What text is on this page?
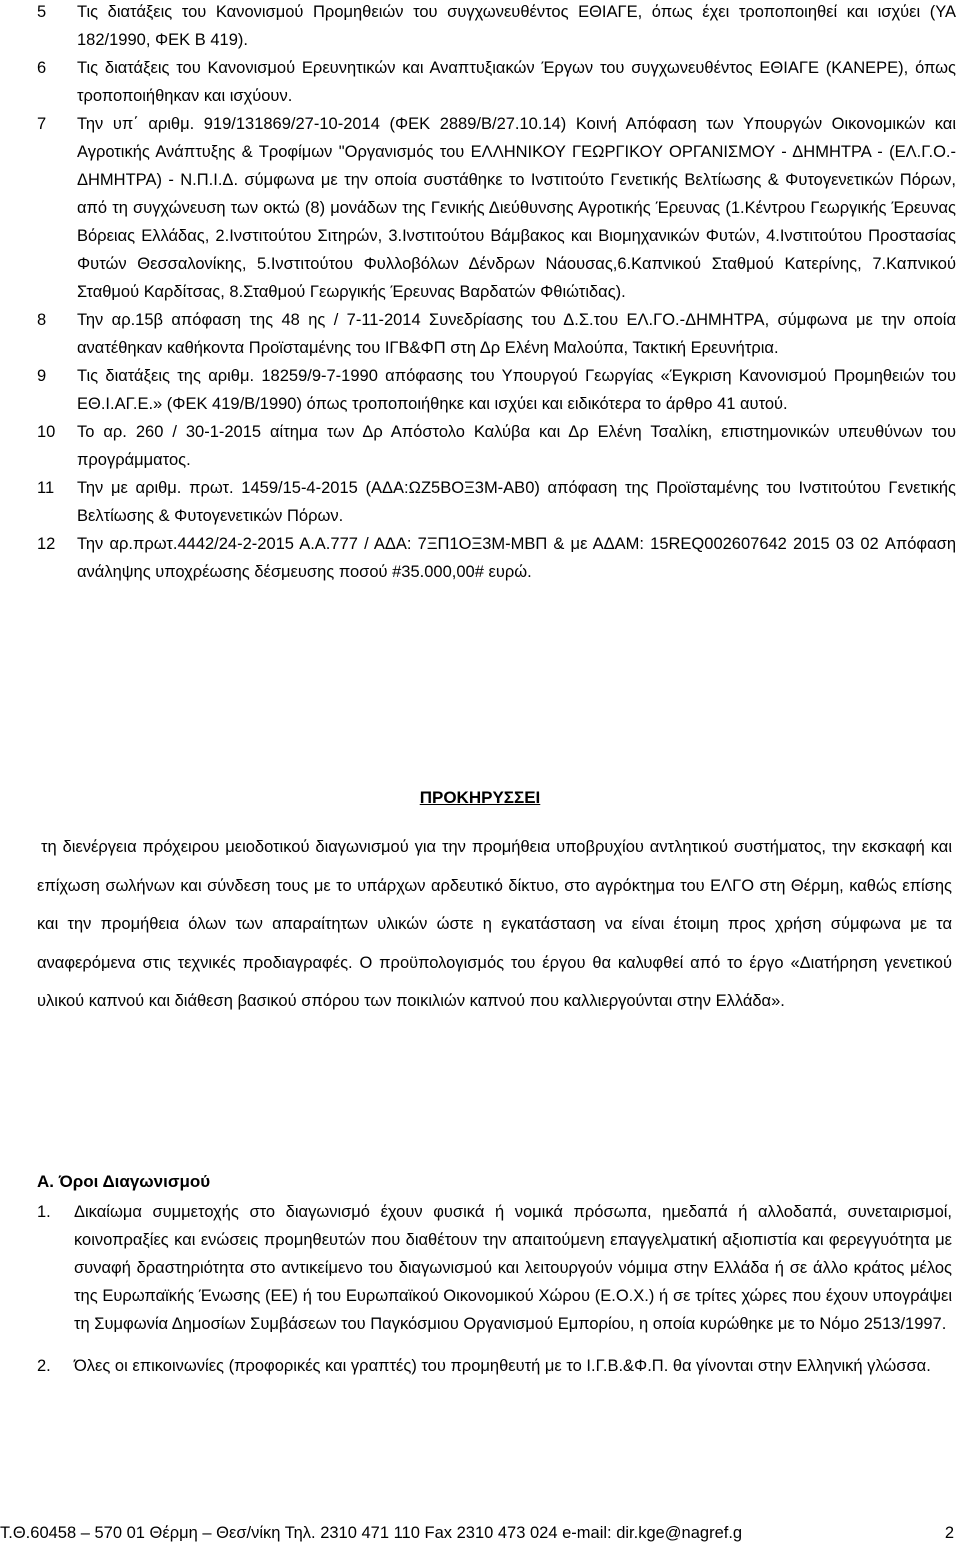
5	Τις διατάξεις του Κανονισμού Προμηθειών του συγχωνευθέντος ΕΘΙΑΓΕ, όπως έχει τροποποιηθεί και ισχύει (ΥΑ 182/1990, ΦΕΚ Β 419).
6	Τις διατάξεις του Κανονισμού Ερευνητικών και Αναπτυξιακών Έργων του συγχωνευθέντος ΕΘΙΑΓΕ (ΚΑΝΕΡΕ), όπως τροποποιήθηκαν και ισχύουν.
7	Την υπ΄ αριθμ. 919/131869/27-10-2014 (ΦΕΚ 2889/Β/27.10.14) Κοινή Απόφαση των Υπουργών Οικονομικών και Αγροτικής Ανάπτυξης & Τροφίμων "Οργανισμός του ΕΛΛΗΝΙΚΟΥ ΓΕΩΡΓΙΚΟΥ ΟΡΓΑΝΙΣΜΟΥ - ΔΗΜΗΤΡΑ - (ΕΛ.Γ.Ο.-ΔΗΜΗΤΡΑ) - Ν.Π.Ι.Δ. σύμφωνα με την οποία συστάθηκε το Ινστιτούτο Γενετικής Βελτίωσης & Φυτογενετικών Πόρων, από τη συγχώνευση των οκτώ (8) μονάδων της Γενικής Διεύθυνσης Αγροτικής Έρευνας (1.Κέντρου Γεωργικής Έρευνας Βόρειας Ελλάδας, 2.Ινστιτούτου Σιτηρών, 3.Ινστιτούτου Βάμβακος και Βιομηχανικών Φυτών, 4.Ινστιτούτου Προστασίας Φυτών Θεσσαλονίκης, 5.Ινστιτούτου Φυλλοβόλων Δένδρων Νάουσας,6.Καπνικού Σταθμού Κατερίνης, 7.Καπνικού Σταθμού Καρδίτσας, 8.Σταθμού Γεωργικής Έρευνας Βαρδατών Φθιώτιδας).
8	Την αρ.15β απόφαση της 48 ης / 7-11-2014 Συνεδρίασης του Δ.Σ.του ΕΛ.ΓΟ.-ΔΗΜΗΤΡΑ, σύμφωνα με την οποία ανατέθηκαν καθήκοντα Προϊσταμένης του ΙΓΒ&ΦΠ στη Δρ Ελένη Μαλούπα, Τακτική Ερευνήτρια.
9	Τις διατάξεις της αριθμ. 18259/9-7-1990 απόφασης του Υπουργού Γεωργίας «Έγκριση Κανονισμού Προμηθειών του ΕΘ.Ι.ΑΓ.Ε.» (ΦΕΚ 419/Β/1990) όπως τροποποιήθηκε και ισχύει και ειδικότερα το άρθρο 41 αυτού.
10	Το αρ. 260 / 30-1-2015 αίτημα των Δρ Απόστολο Καλύβα και Δρ Ελένη Τσαλίκη, επιστημονικών υπευθύνων του προγράμματος.
11	Την με αριθμ. πρωτ. 1459/15-4-2015 (ΑΔΑ:ΩΖ5ΒΟΞ3Μ-ΑΒ0) απόφαση της Προϊσταμένης του Ινστιτούτου Γενετικής Βελτίωσης & Φυτογενετικών Πόρων.
12	Την αρ.πρωτ.4442/24-2-2015 Α.Α.777 / ΑΔΑ: 7ΞΠ1ΟΞ3Μ-ΜΒΠ & με ΑΔΑΜ: 15REQ002607642 2015 03 02 Απόφαση ανάληψης υποχρέωσης δέσμευσης ποσού #35.000,00# ευρώ.
ΠΡΟΚΗΡΥΣΣΕΙ
τη διενέργεια πρόχειρου μειοδοτικού διαγωνισμού για την προμήθεια υποβρυχίου αντλητικού συστήματος, την εκσκαφή και επίχωση σωλήνων και σύνδεση τους με το υπάρχων αρδευτικό δίκτυο, στο αγρόκτημα του ΕΛΓΟ στη Θέρμη, καθώς επίσης και την προμήθεια όλων των απαραίτητων υλικών ώστε η εγκατάσταση να είναι έτοιμη προς χρήση σύμφωνα με τα αναφερόμενα στις τεχνικές προδιαγραφές. Ο προϋπολογισμός του έργου θα καλυφθεί από το έργο «Διατήρηση γενετικού υλικού καπνού και διάθεση βασικού σπόρου των ποικιλιών καπνού που καλλιεργούνται στην Ελλάδα».
Α. Όροι Διαγωνισμού
1.	Δικαίωμα συμμετοχής στο διαγωνισμό έχουν φυσικά ή νομικά πρόσωπα, ημεδαπά ή αλλοδαπά, συνεταιρισμοί, κοινοπραξίες και ενώσεις προμηθευτών που διαθέτουν την απαιτούμενη επαγγελματική αξιοπιστία και φερεγγυότητα με συναφή δραστηριότητα στο αντικείμενο του διαγωνισμού και λειτουργούν νόμιμα στην Ελλάδα ή σε άλλο κράτος μέλος της Ευρωπαϊκής Ένωσης (ΕΕ) ή του Ευρωπαϊκού Οικονομικού Χώρου (Ε.Ο.Χ.) ή σε τρίτες χώρες που έχουν υπογράψει τη Συμφωνία Δημοσίων Συμβάσεων του Παγκόσμιου Οργανισμού Εμπορίου, η οποία κυρώθηκε με το Νόμο 2513/1997.
2.	Όλες οι επικοινωνίες (προφορικές και γραπτές) του προμηθευτή με το Ι.Γ.Β.&Φ.Π. θα γίνονται στην Ελληνική γλώσσα.
Τ.Θ.60458 – 570 01 Θέρμη – Θεσ/νίκη Τηλ. 2310 471 110 Fax 2310 473 024 e-mail: dir.kge@nagref.g	2
